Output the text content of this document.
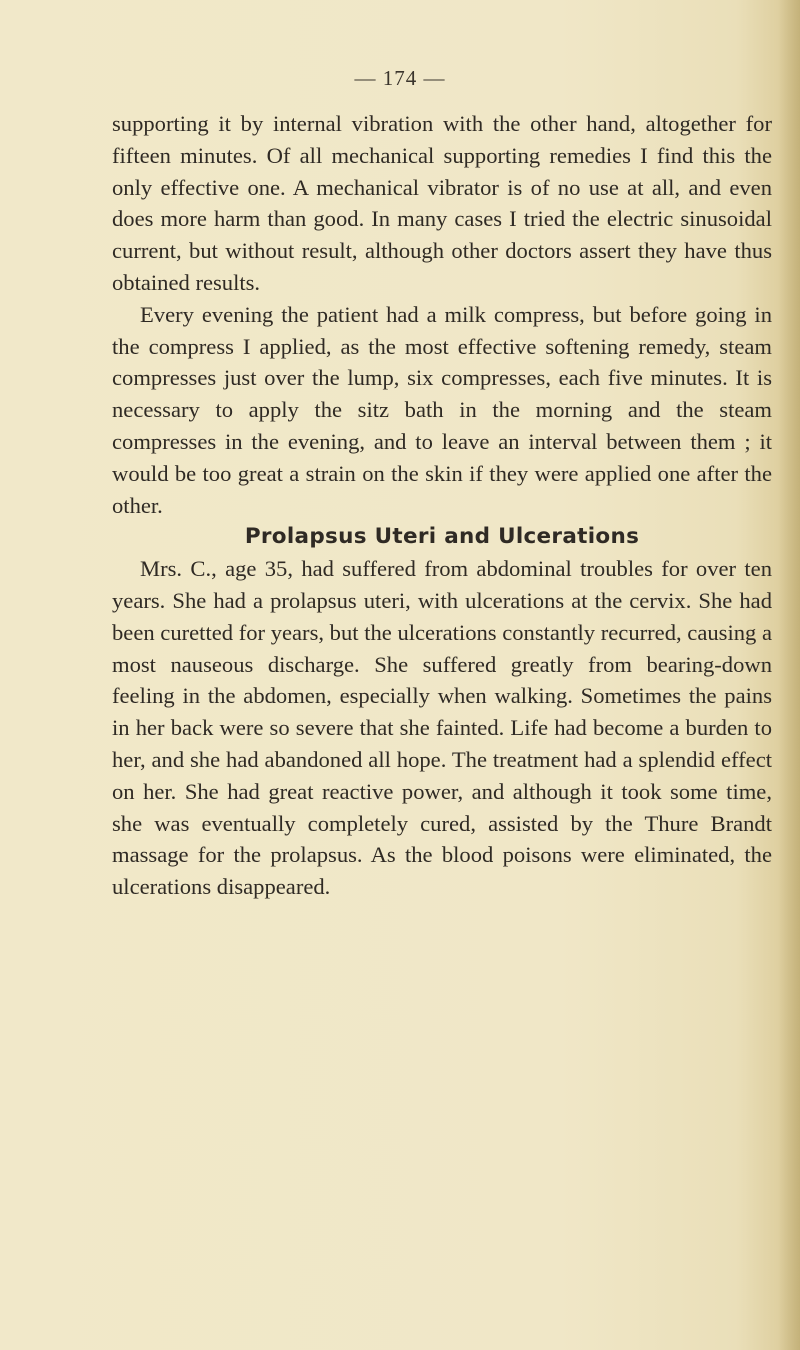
— 174 —

supporting it by internal vibration with the other hand, altogether for fifteen minutes. Of all mechanical supporting remedies I find this the only effective one. A mechanical vibrator is of no use at all, and even does more harm than good. In many cases I tried the electric sinusoidal current, but without result, although other doctors assert they have thus obtained results.

Every evening the patient had a milk compress, but before going in the compress I applied, as the most effective softening remedy, steam compresses just over the lump, six compresses, each five minutes. It is necessary to apply the sitz bath in the morning and the steam compresses in the evening, and to leave an interval between them ; it would be too great a strain on the skin if they were applied one after the other.

Prolapsus Uteri and Ulcerations

Mrs. C., age 35, had suffered from abdominal troubles for over ten years. She had a prolapsus uteri, with ulcerations at the cervix. She had been curetted for years, but the ulcerations constantly recurred, causing a most nauseous discharge. She suffered greatly from bearing-down feeling in the abdomen, especially when walking. Sometimes the pains in her back were so severe that she fainted. Life had become a burden to her, and she had abandoned all hope. The treatment had a splendid effect on her. She had great reactive power, and although it took some time, she was eventually completely cured, assisted by the Thure Brandt massage for the prolapsus. As the blood poisons were eliminated, the ulcerations disappeared.
